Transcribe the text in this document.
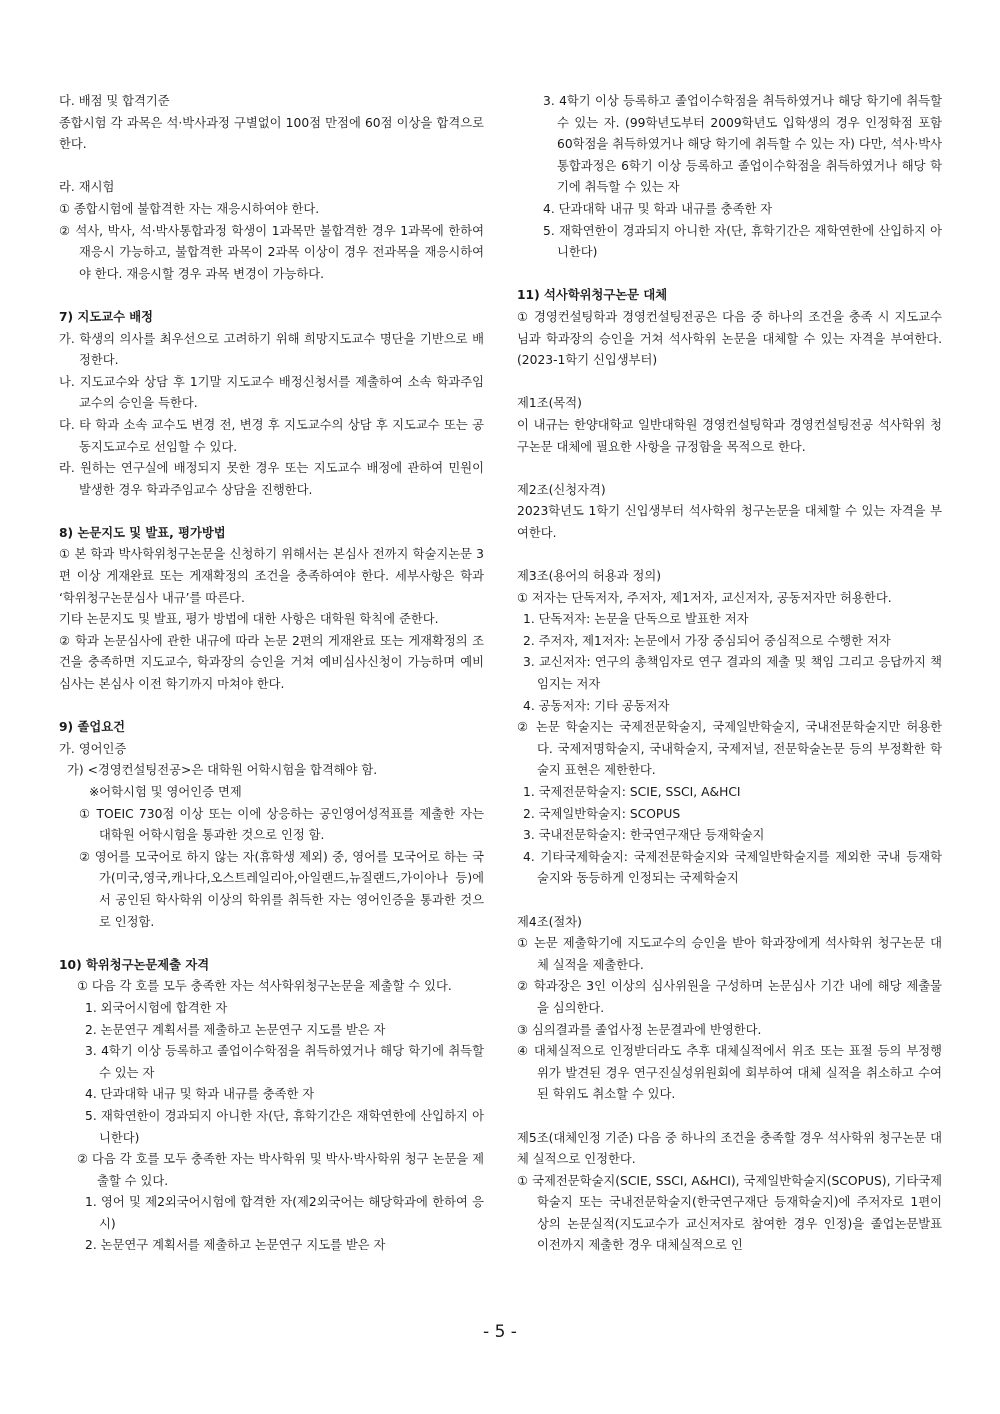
다. 배점 및 합격기준
종합시험 각 과목은 석·박사과정 구별없이 100점 만점에 60점 이상을 합격으로 한다.
라. 재시험
① 종합시험에 불합격한 자는 재응시하여야 한다.
② 석사, 박사, 석·박사통합과정 학생이 1과목만 불합격한 경우 1과목에 한하여 재응시 가능하고, 불합격한 과목이 2과목 이상이 경우 전과목을 재응시하여야 한다. 재응시할 경우 과목 변경이 가능하다.
7) 지도교수 배정
가. 학생의 의사를 최우선으로 고려하기 위해 희망지도교수 명단을 기반으로 배정한다.
나. 지도교수와 상담 후 1기말 지도교수 배정신청서를 제출하여 소속 학과주임교수의 승인을 득한다.
다. 타 학과 소속 교수도 변경 전, 변경 후 지도교수의 상담 후 지도교수 또는 공동지도교수로 선임할 수 있다.
라. 원하는 연구실에 배정되지 못한 경우 또는 지도교수 배정에 관하여 민원이 발생한 경우 학과주임교수 상담을 진행한다.
8) 논문지도 및 발표, 평가방법
① 본 학과 박사학위청구논문을 신청하기 위해서는 본심사 전까지 학술지논문 3편 이상 게재완료 또는 게재확정의 조건을 충족하여야 한다. 세부사항은 학과 ‘학위청구논문심사 내규’를 따른다.
기타 논문지도 및 발표, 평가 방법에 대한 사항은 대학원 학칙에 준한다.
② 학과 논문심사에 관한 내규에 따라 논문 2편의 게재완료 또는 게재확정의 조건을 충족하면 지도교수, 학과장의 승인을 거쳐 예비심사신청이 가능하며 예비심사는 본심사 이전 학기까지 마쳐야 한다.
9) 졸업요건
가. 영어인증
가) <경영컨설팅전공>은 대학원 어학시험을 합격해야 함.
※어학시험 및 영어인증 면제
① TOEIC 730점 이상 또는 이에 상응하는 공인영어성적표를 제출한 자는 대학원 어학시험을 통과한 것으로 인정 함.
② 영어를 모국어로 하지 않는 자(휴학생 제외) 중, 영어를 모국어로 하는 국가(미국,영국,캐나다,오스트레일리아,아일랜드,뉴질랜드,가이아나 등)에서 공인된 학사학위 이상의 학위를 취득한 자는 영어인증을 통과한 것으로 인정함.
10) 학위청구논문제출 자격
① 다음 각 호를 모두 충족한 자는 석사학위청구논문을 제출할 수 있다.
1. 외국어시험에 합격한 자
2. 논문연구 계획서를 제출하고 논문연구 지도를 받은 자
3. 4학기 이상 등록하고 졸업이수학점을 취득하였거나 해당 학기에 취득할 수 있는 자
4. 단과대학 내규 및 학과 내규를 충족한 자
5. 재학연한이 경과되지 아니한 자(단, 휴학기간은 재학연한에 산입하지 아니한다)
② 다음 각 호를 모두 충족한 자는 박사학위 및 박사·박사학위 청구 논문을 제출할 수 있다.
1. 영어 및 제2외국어시험에 합격한 자(제2외국어는 해당학과에 한하여 응시)
2. 논문연구 계획서를 제출하고 논문연구 지도를 받은 자
3. 4학기 이상 등록하고 졸업이수학점을 취득하였거나 해당 학기에 취득할 수 있는 자. (99학년도부터 2009학년도 입학생의 경우 인정학점 포함 60학점을 취득하였거나 해당 학기에 취득할 수 있는 자) 다만, 석사·박사 통합과정은 6학기 이상 등록하고 졸업이수학점을 취득하였거나 해당 학기에 취득할 수 있는 자
4. 단과대학 내규 및 학과 내규를 충족한 자
5. 재학연한이 경과되지 아니한 자(단, 휴학기간은 재학연한에 산입하지 아니한다)
11) 석사학위청구논문 대체
① 경영컨설팅학과 경영컨설팅전공은 다음 중 하나의 조건을 충족 시 지도교수님과 학과장의 승인을 거쳐 석사학위 논문을 대체할 수 있는 자격을 부여한다. (2023-1학기 신입생부터)
제1조(목적)
이 내규는 한양대학교 일반대학원 경영컨설팅학과 경영컨설팅전공 석사학위 청구논문 대체에 필요한 사항을 규정함을 목적으로 한다.
제2조(신청자격)
2023학년도 1학기 신입생부터 석사학위 청구논문을 대체할 수 있는 자격을 부여한다.
제3조(용어의 허용과 정의)
① 저자는 단독저자, 주저자, 제1저자, 교신저자, 공동저자만 허용한다.
1. 단독저자: 논문을 단독으로 발표한 저자
2. 주저자, 제1저자: 논문에서 가장 중심되어 중심적으로 수행한 저자
3. 교신저자: 연구의 총책임자로 연구 결과의 제출 및 책임 그리고 응답까지 책임지는 저자
4. 공동저자: 기타 공동저자
② 논문 학술지는 국제전문학술지, 국제일반학술지, 국내전문학술지만 허용한다. 국제저명학술지, 국내학술지, 국제저널, 전문학술논문 등의 부정확한 학술지 표현은 제한한다.
1. 국제전문학술지: SCIE, SSCI, A&HCI
2. 국제일반학술지: SCOPUS
3. 국내전문학술지: 한국연구재단 등재학술지
4. 기타국제학술지: 국제전문학술지와 국제일반학술지를 제외한 국내 등재학술지와 동등하게 인정되는 국제학술지
제4조(절차)
① 논문 제출학기에 지도교수의 승인을 받아 학과장에게 석사학위 청구논문 대체 실적을 제출한다.
② 학과장은 3인 이상의 심사위원을 구성하며 논문심사 기간 내에 해당 제출물을 심의한다.
③ 심의결과를 졸업사정 논문결과에 반영한다.
④ 대체실적으로 인정받더라도 추후 대체실적에서 위조 또는 표절 등의 부정행위가 발견된 경우 연구진실성위원회에 회부하여 대체 실적을 취소하고 수여된 학위도 취소할 수 있다.
제5조(대체인정 기준) 다음 중 하나의 조건을 충족할 경우 석사학위 청구논문 대체 실적으로 인정한다.
① 국제전문학술지(SCIE, SSCI, A&HCI), 국제일반학술지(SCOPUS), 기타국제학술지 또는 국내전문학술지(한국연구재단 등재학술지)에 주저자로 1편이상의 논문실적(지도교수가 교신저자로 참여한 경우 인정)을 졸업논문발표 이전까지 제출한 경우 대체실적으로 인
- 5 -
